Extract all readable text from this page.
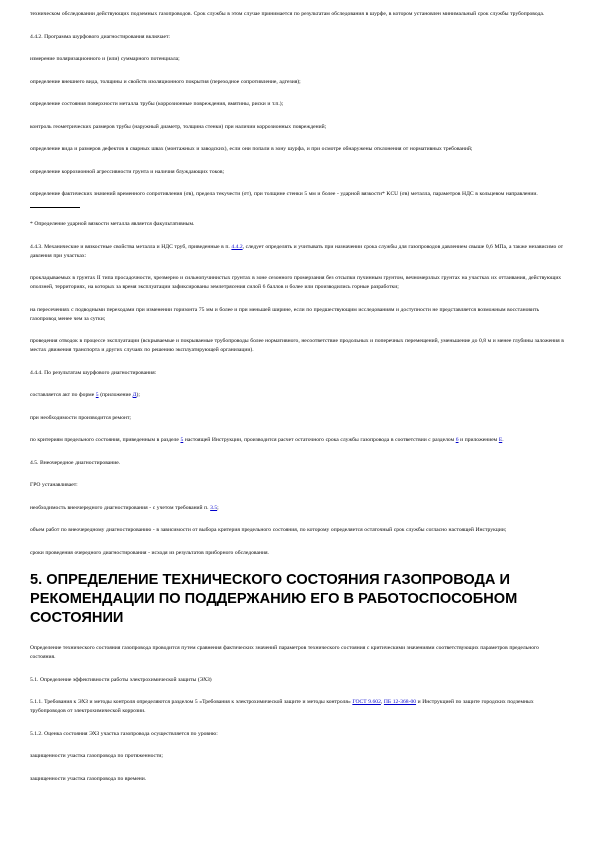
техническом обследовании действующих подземных газопроводов. Срок службы в этом случае принимается по результатам обследования в шурфе, в котором установлен минимальный срок службы трубопровода.

4.4.2. Программа шурфового диагностирования включает:

измерение поляризационного и (или) суммарного потенциала;

определение внешнего вида, толщины и свойств изоляционного покрытия (переходное сопротивление, адгезия);

определение состояния поверхности металла трубы (коррозионные повреждения, вмятины, риски и т.п.);

контроль геометрических размеров трубы (наружный диаметр, толщина стенки) при наличии коррозионных повреждений;

определение вида и размеров дефектов в сварных швах (монтажных и заводских), если они попали в зону шурфа, и при осмотре обнаружены отклонения от нормативных требований;

определение коррозионной агрессивности грунта и наличия блуждающих токов;

определение фактических значений временного сопротивления (σв), предела текучести (σт), при толщине стенки 5 мм и более - ударной вязкости* KCU (σв) металла, параметров НДС в кольцевом направлении.

* Определение ударной вязкости металла является факультативным.

4.4.3. Механические и вязкостные свойства металла и НДС труб, приведенные в п. 4.4.2, следует определять и учитывать при назначении срока службы для газопроводов давлением свыше 0,6 МПа, а также независимо от давления при участках:

прокладываемых в грунтах II типа просадочности, чрезмерно и сильнопучинистых грунтах в зоне сезонного промерзания без отсыпки пучинным грунтом, вечномерзлых грунтах на участках их оттаивания, действующих оползней, территориях, на которых за время эксплуатации зафиксированы землетрясения силой 6 баллов и более или производились горные разработки;

на пересечениях с подводными переходами при изменении горизонта 75 мм и более и при меньшей ширине, если по предшествующим исследованиям и доступности не представляется возможным восстановить газопровод менее чем за сутки;

проведения отводок в процессе эксплуатации (вскрываемые и покрываемые трубопроводы более нормативного, несоответствие продольных и поперечных перемещений, уменьшение до 0,8 м и менее глубины заложения в местах движения транспорта и других случаях по решению эксплуатирующей организации).

4.4.4. По результатам шурфового диагностирования:

составляется акт по форме 5 (приложение Д);

при необходимости производится ремонт;

по критериям предельного состояния, приведенным в разделе 5 настоящей Инструкции, производится расчет остаточного срока службы газопровода в соответствии с разделом 6 и приложением Е.

4.5. Внеочередное диагностирование.

ГРО устанавливает:

необходимость внеочередного диагностирования - с учетом требований п. 3.5;

объем работ по внеочередному диагностированию - в зависимости от выбора критерия предельного состояния, по которому определяется остаточный срок службы согласно настоящей Инструкции;

сроки проведения очередного диагностирования - исходя из результатов приборного обследования.

5. ОПРЕДЕЛЕНИЕ ТЕХНИЧЕСКОГО СОСТОЯНИЯ ГАЗОПРОВОДА И РЕКОМЕНДАЦИИ ПО ПОДДЕРЖАНИЮ ЕГО В РАБОТОСПОСОБНОМ СОСТОЯНИИ

Определение технического состояния газопровода проводится путем сравнения фактических значений параметров технического состояния с критическими значениями соответствующих параметров предельного состояния.

5.1. Определение эффективности работы электрохимической защиты (ЭХЗ)

5.1.1. Требования к ЭХЗ и методы контроля определяются разделом 5 «Требования к электрохимической защите и методы контроля» ГОСТ 9.602, ПБ 12-368-00 и Инструкцией по защите городских подземных трубопроводов от электрохимической коррозии.

5.1.2. Оценка состояния ЭХЗ участка газопровода осуществляется по уровню:

защищенности участка газопровода по протяженности;

защищенности участка газопровода по времени.
